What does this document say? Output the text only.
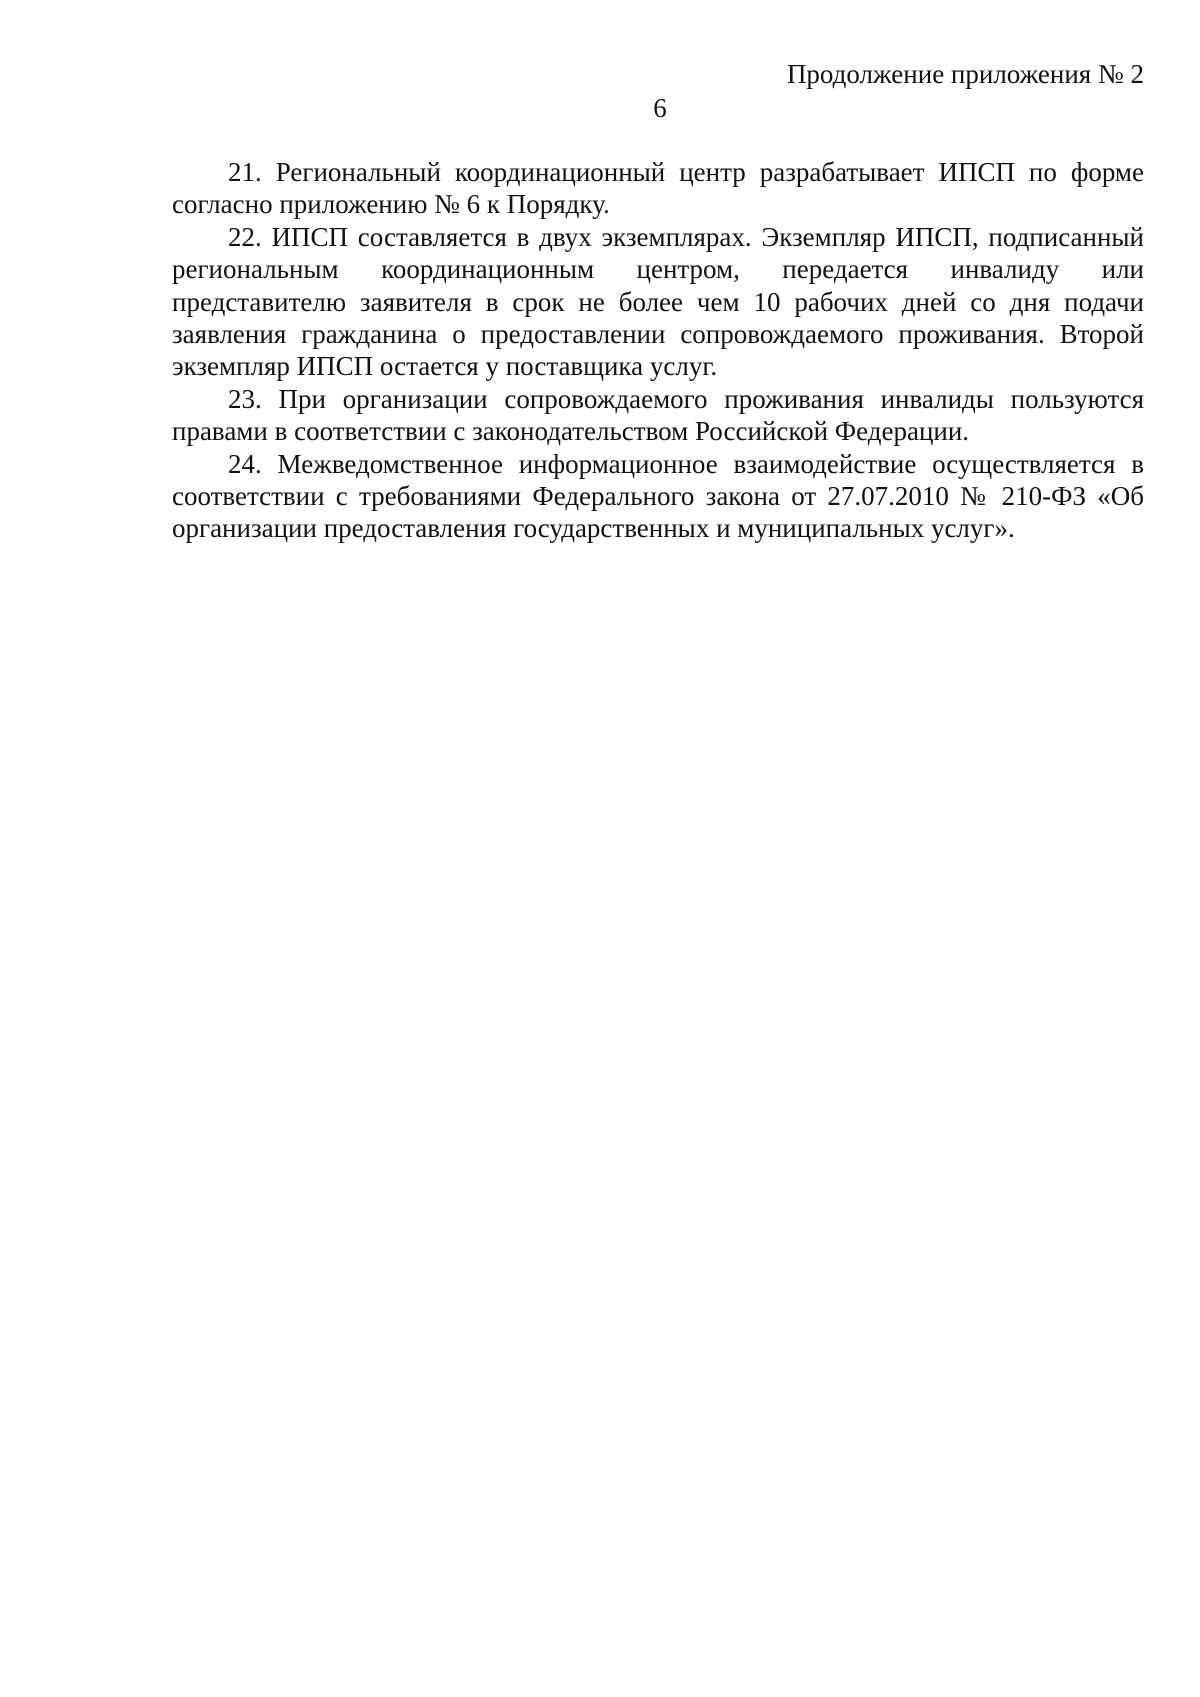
Продолжение приложения № 2
6

21. Региональный координационный центр разрабатывает ИПСП по форме согласно приложению № 6 к Порядку.

22. ИПСП составляется в двух экземплярах. Экземпляр ИПСП, подписанный региональным координационным центром, передается инвалиду или представителю заявителя в срок не более чем 10 рабочих дней со дня подачи заявления гражданина о предоставлении сопровождаемого проживания. Второй экземпляр ИПСП остается у поставщика услуг.

23. При организации сопровождаемого проживания инвалиды пользуются правами в соответствии с законодательством Российской Федерации.

24. Межведомственное информационное взаимодействие осуществляется в соответствии с требованиями Федерального закона от 27.07.2010 № 210-ФЗ «Об организации предоставления государственных и муниципальных услуг».
